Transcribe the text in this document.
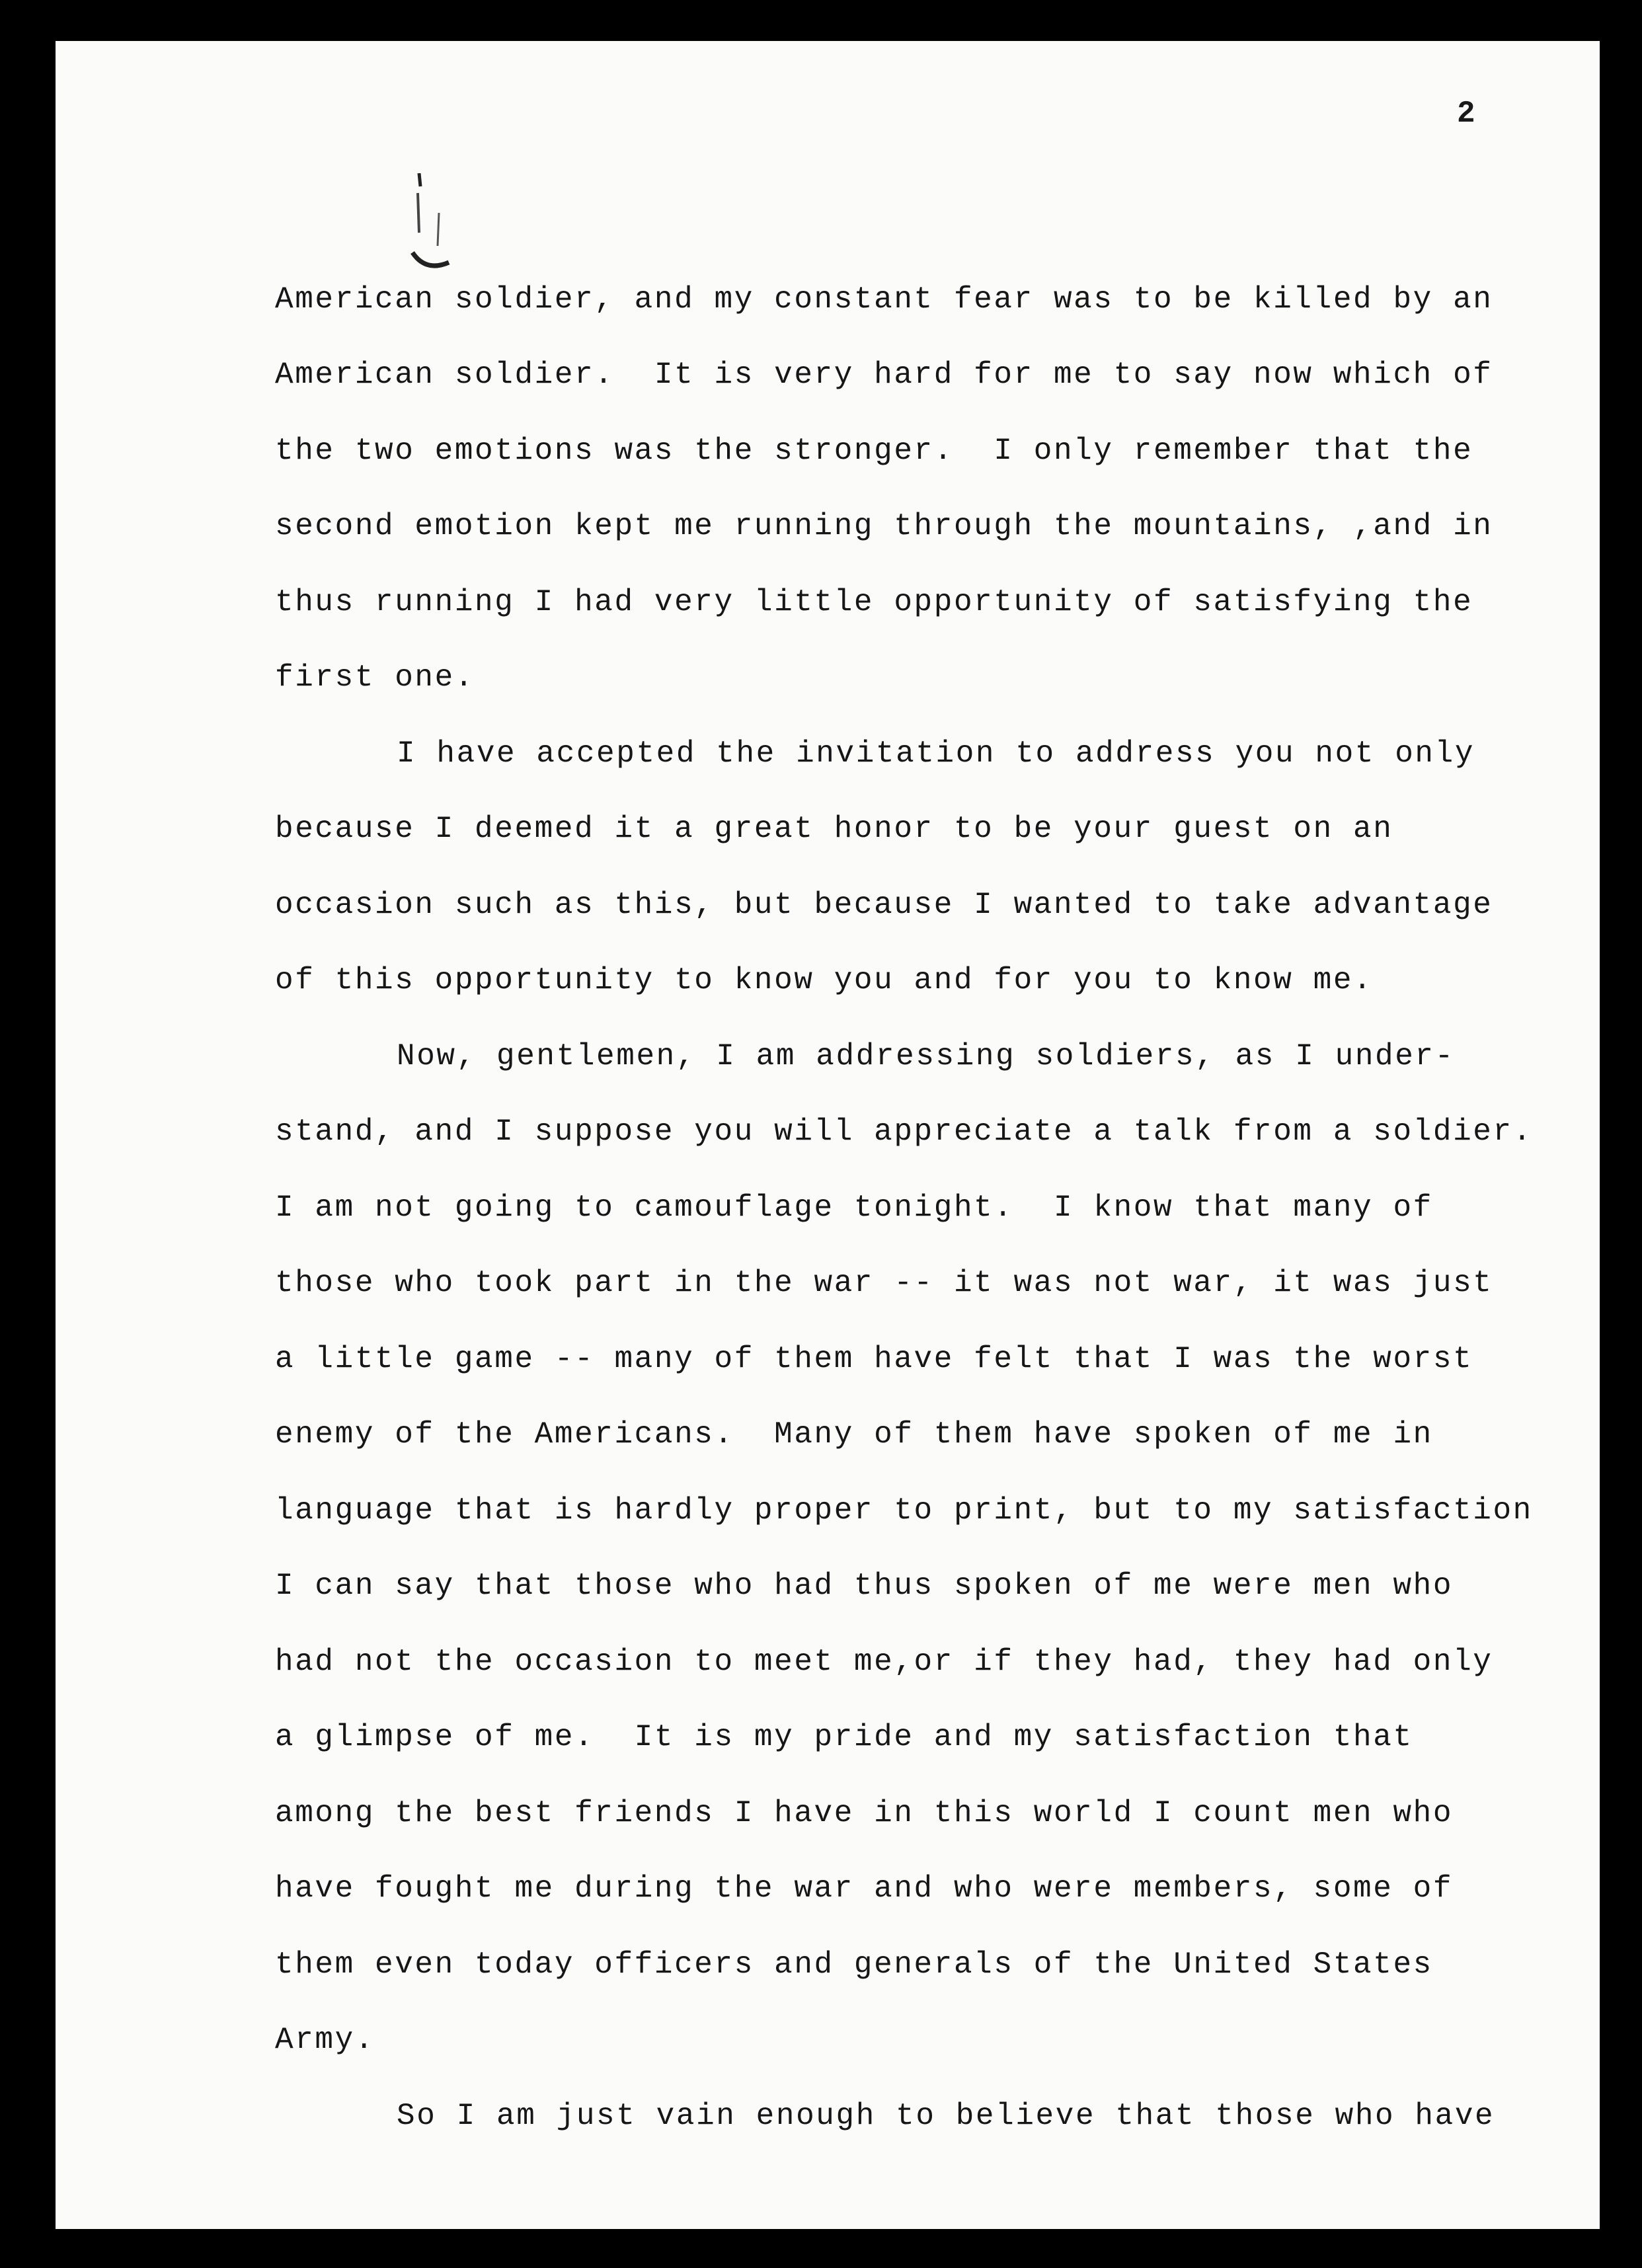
2
American soldier, and my constant fear was to be killed by an
American soldier.  It is very hard for me to say now which of
the two emotions was the stronger.  I only remember that the
second emotion kept me running through the mountains, ,and in
thus running I had very little opportunity of satisfying the
first one.
I have accepted the invitation to address you not only
because I deemed it a great honor to be your guest on an
occasion such as this, but because I wanted to take advantage
of this opportunity to know you and for you to know me.
Now, gentlemen, I am addressing soldiers, as I under-
stand, and I suppose you will appreciate a talk from a soldier.
I am not going to camouflage tonight.  I know that many of
those who took part in the war -- it was not war, it was just
a little game -- many of them have felt that I was the worst
enemy of the Americans.  Many of them have spoken of me in
language that is hardly proper to print, but to my satisfaction
I can say that those who had thus spoken of me were men who
had not the occasion to meet me,or if they had, they had only
a glimpse of me.  It is my pride and my satisfaction that
among the best friends I have in this world I count men who
have fought me during the war and who were members, some of
them even today officers and generals of the United States
Army.
So I am just vain enough to believe that those who have
